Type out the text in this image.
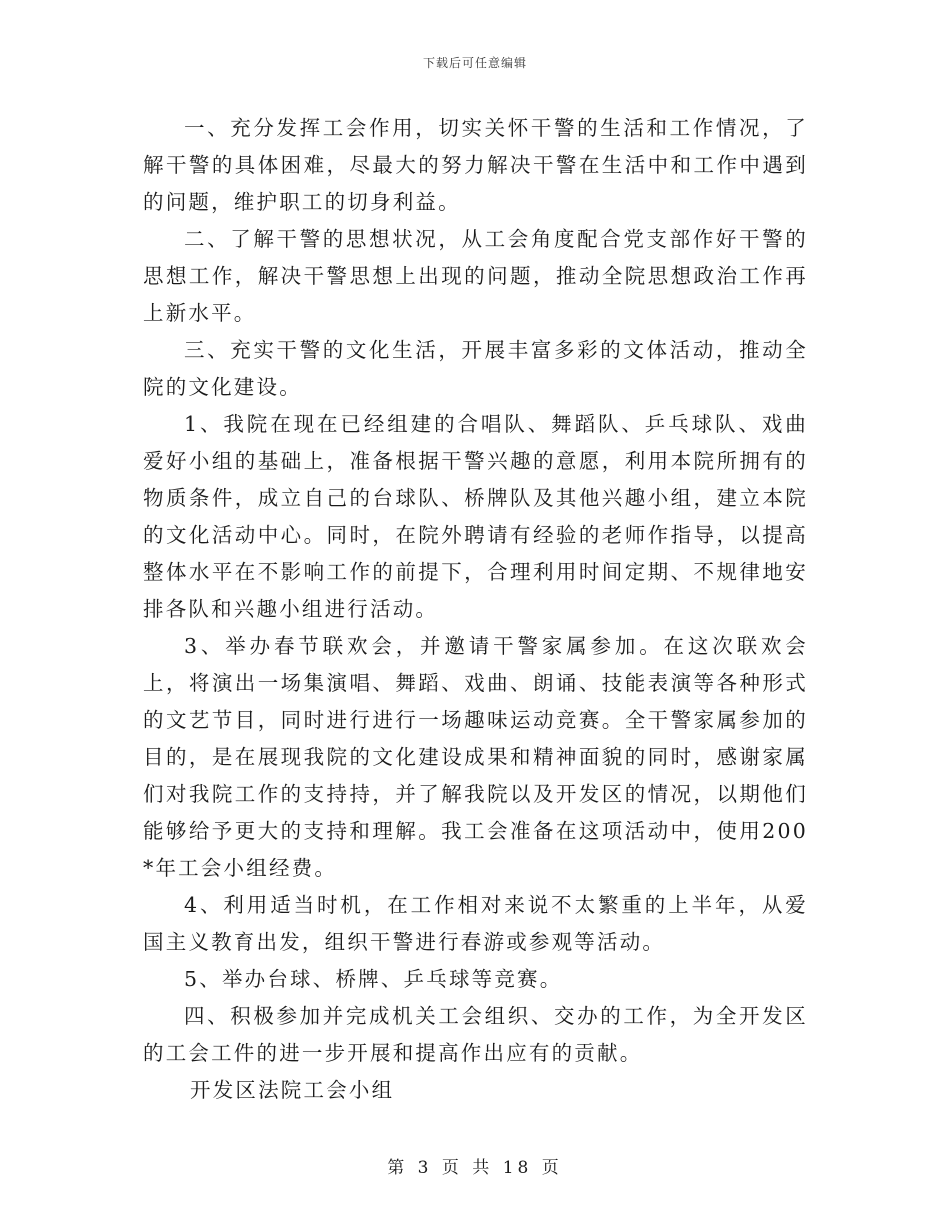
下载后可任意编辑

一、充分发挥工会作用，切实关怀干警的生活和工作情况，了解干警的具体困难，尽最大的努力解决干警在生活中和工作中遇到的问题，维护职工的切身利益。

二、了解干警的思想状况，从工会角度配合党支部作好干警的思想工作，解决干警思想上出现的问题，推动全院思想政治工作再上新水平。

三、充实干警的文化生活，开展丰富多彩的文体活动，推动全院的文化建设。

1、我院在现在已经组建的合唱队、舞蹈队、乒乓球队、戏曲爱好小组的基础上，准备根据干警兴趣的意愿，利用本院所拥有的物质条件，成立自己的台球队、桥牌队及其他兴趣小组，建立本院的文化活动中心。同时，在院外聘请有经验的老师作指导，以提高整体水平在不影响工作的前提下，合理利用时间定期、不规律地安排各队和兴趣小组进行活动。

3、举办春节联欢会，并邀请干警家属参加。在这次联欢会上，将演出一场集演唱、舞蹈、戏曲、朗诵、技能表演等各种形式的文艺节目，同时进行进行一场趣味运动竞赛。全干警家属参加的目的，是在展现我院的文化建设成果和精神面貌的同时，感谢家属们对我院工作的支持持，并了解我院以及开发区的情况，以期他们能够给予更大的支持和理解。我工会准备在这项活动中，使用200*年工会小组经费。

4、利用适当时机，在工作相对来说不太繁重的上半年，从爱国主义教育出发，组织干警进行春游或参观等活动。

5、举办台球、桥牌、乒乓球等竞赛。

四、积极参加并完成机关工会组织、交办的工作，为全开发区的工会工件的进一步开展和提高作出应有的贡献。

开发区法院工会小组

第 3 页 共 18 页
